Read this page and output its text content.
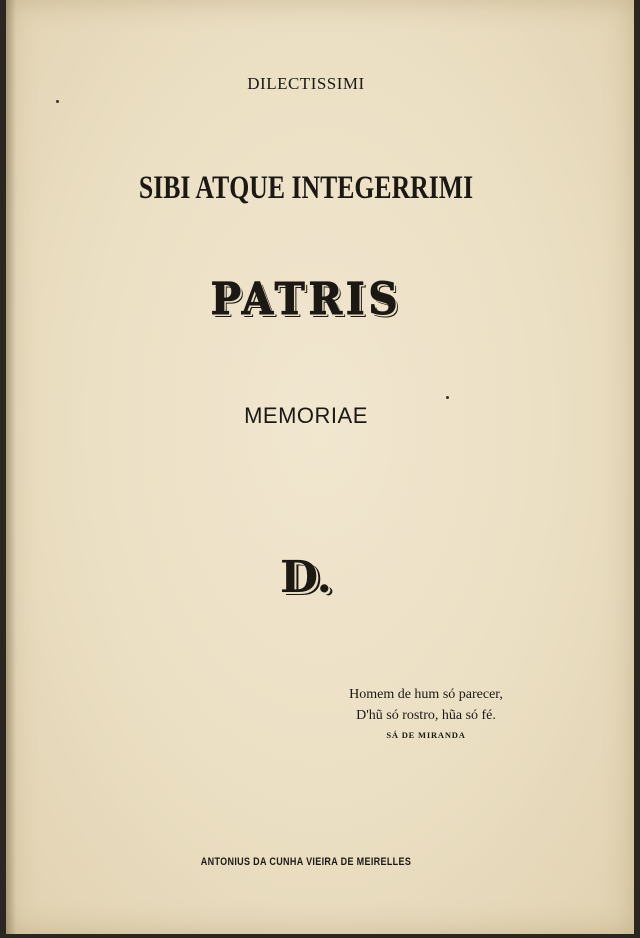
DILECTISSIMI
SIBI ATQUE INTEGERRIMI
PATRIS
MEMORIAE
D.
Homem de hum só parecer,
D'hũ só rostro, hũa só fé.
SÁ DE MIRANDA
ANTONIUS DA CUNHA VIEIRA DE MEIRELLES
